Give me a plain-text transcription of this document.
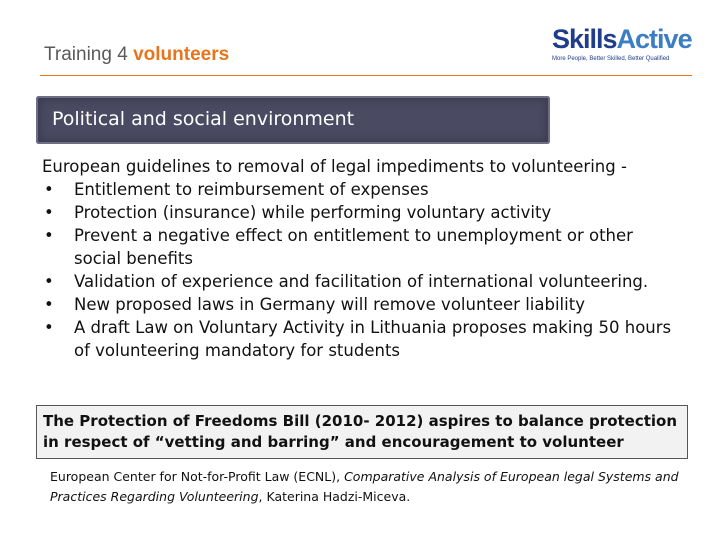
Training 4 volunteers
SkillsActive
More People, Better Skilled, Better Qualified
Political and social environment

European guidelines to removal of legal impediments to volunteering -

• Entitlement to reimbursement of expenses
• Protection (insurance) while performing voluntary activity
• Prevent a negative effect on entitlement to unemployment or other social benefits
• Validation of experience and facilitation of international volunteering.
• New proposed laws in Germany will remove volunteer liability
• A draft Law on Voluntary Activity in Lithuania proposes making 50 hours of volunteering mandatory for students
The Protection of Freedoms Bill (2010- 2012) aspires to balance protection in respect of “vetting and barring” and encouragement to volunteer
European Center for Not-for-Profit Law (ECNL), Comparative Analysis of European legal Systems and Practices Regarding Volunteering, Katerina Hadzi-Miceva.
